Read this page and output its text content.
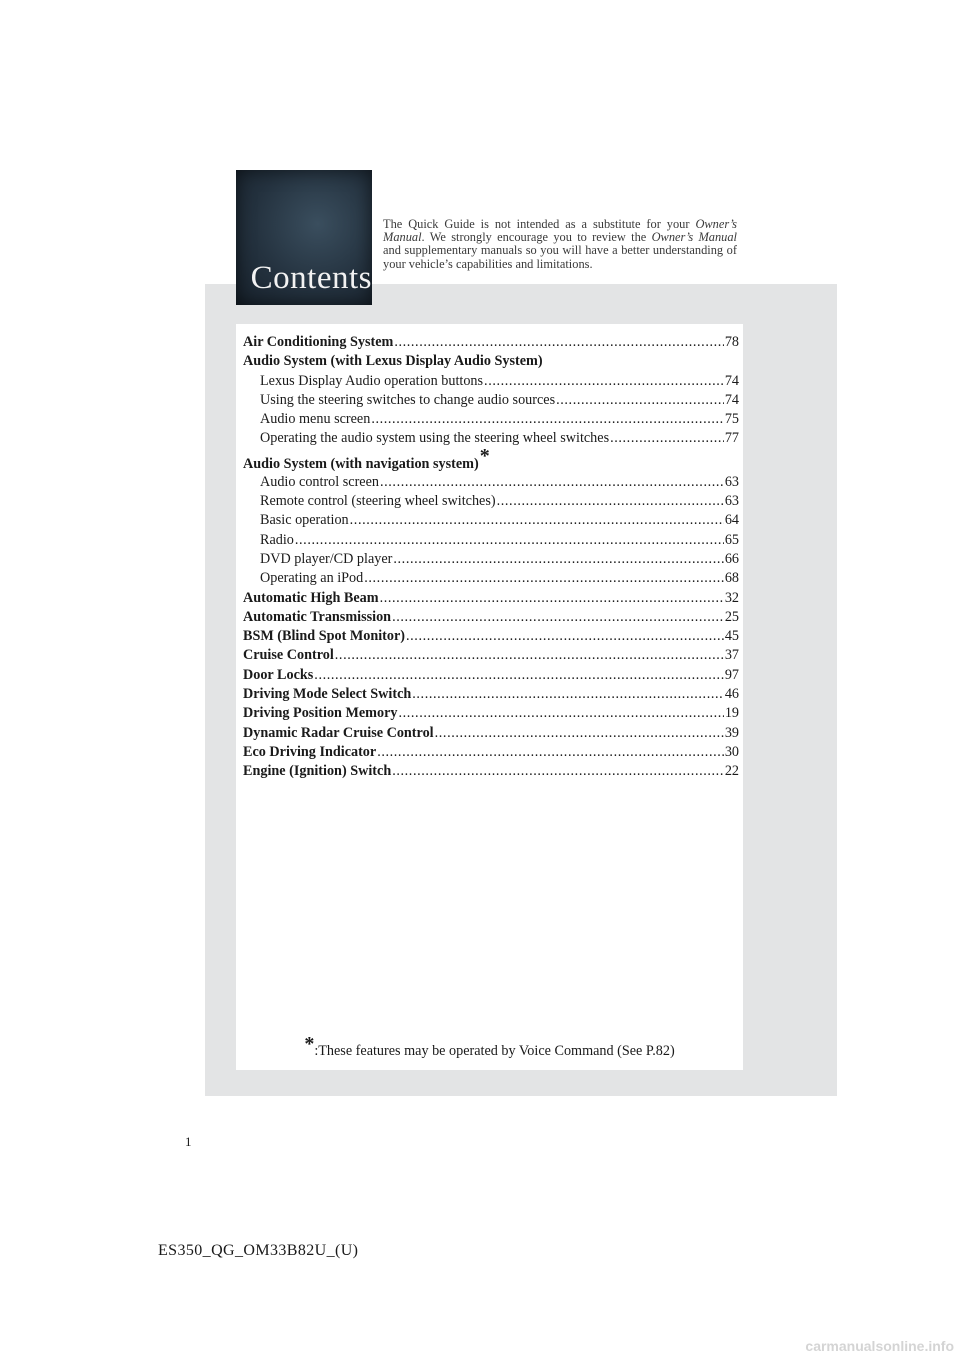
Contents
The Quick Guide is not intended as a substitute for your Owner’s Manual. We strongly encourage you to review the Owner’s Manual and supplementary manuals so you will have a better understanding of your vehicle’s capabilities and limitations.
Air Conditioning System .....	78
Audio System (with Lexus Display Audio System)
Lexus Display Audio operation buttons .....	74
Using the steering switches to change audio sources .....	74
Audio menu screen .....	75
Operating the audio system using the steering wheel switches .....	77
Audio System (with navigation system) *
Audio control screen .....	63
Remote control (steering wheel switches) .....	63
Basic operation .....	64
Radio .....	65
DVD player/CD player .....	66
Operating an iPod .....	68
Automatic High Beam .....	32
Automatic Transmission .....	25
BSM (Blind Spot Monitor) .....	45
Cruise Control .....	37
Door Locks .....	97
Driving Mode Select Switch .....	46
Driving Position Memory .....	19
Dynamic Radar Cruise Control .....	39
Eco Driving Indicator .....	30
Engine (Ignition) Switch .....	22
*:These features may be operated by Voice Command (See P.82)
1
ES350_QG_OM33B82U_(U)
carmanualsonline.info
